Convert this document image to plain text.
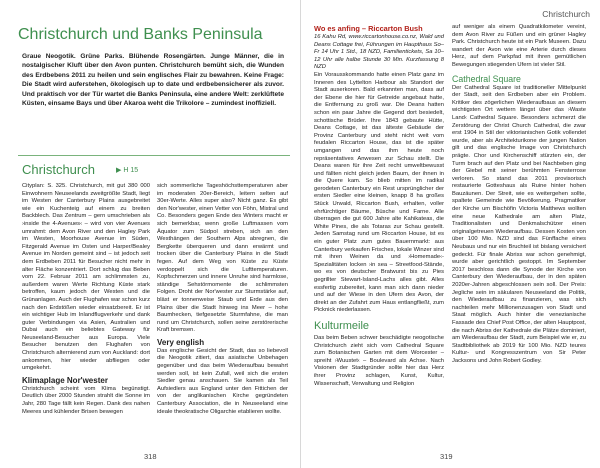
Christchurch
Christchurch und Banks Peninsula

Graue Neogotik. Grüne Parks. Blühende Rosengärten. Junge Männer, die in nostalgischer Kluft über den Avon punten. Christchurch bemüht sich, die Wunden des Erdbebens 2011 zu heilen und sein englisches Flair zu bewahren. Keine Frage: Die Stadt wird auferstehen, ökologisch up to date und erdbebensicherer als zuvor. Und praktisch vor der Tür wartet die Banks Peninsula, eine andere Welt: zerklüftete Küsten, einsame Bays und über Akaroa weht die Trikolore – zumindest inoffiziell.

Christchurch	▶ H 15

Cityplan: S. 325. Christchurch, mit gut 380 000 Einwohnern Neuseelands zweitgrößte Stadt, liegt im Westen der Canterbury Plains ausgebreitet wie ein Kuchenteig auf einem zu breiten Backblech. Das Zentrum – gern umschrieben als ›inside the 4-Avenues‹ – wird von vier Avenues umrahmt: dem Avon River und den Hagley Park im Westen, Moorhouse Avenue im Süden, Fitzgerald Avenue im Osten und Harper/Bealey Avenue im Norden gemeint sind – ist jedoch seit dem Erdbeben 2011 für Besucher nicht mehr in alter Fläche konzentriert. Dort schlug das Beben vom 22. Februar 2011 am schlimmsten zu, außerdem waren Werte Richtung Küste stark betroffen, kaum jedoch der Westen und die Grünanlagen. Auch der Flughafen war schon kurz nach den Erdstößen wieder einsatzbereit. Er ist ein wichtiger Hub im Inlandflugverkehr und dank guter Verbindungen via Asien, Australien und Dubai auch ein beliebtes Gateway für Neuseeland-Besucher aus Europa. Viele Besucher benutzen den Flughafen von Christchurch alternierend zum von Auckland: dort ankommen, hier wieder abfliegen oder umgekehrt.

Klimaplage Nor'wester

Christchurch scheint vom Klima begünstigt. Deutlich über 2000 Stunden strahlt die Sonne im Jahr, 280 Tage fällt kein Regen. Dank des nahen Meeres und kühlender Brisen bewegen

sich sommerliche Tageshöchsttemperaturen aber im moderaten 20er-Bereich, leitern selten auf 30er-Werte. Alles super also? Nicht ganz. Es gibt den Nor'wester, einen Vetter von Föhn, Mistral und Co. Besonders gegen Ende des Winters macht er sich bemerkbar, wenn große Luftmassen vom Äquator zum Südpol streben, sich an den Westhängen der Southern Alps abregnen, die Bergkette überqueren und dann erwärmt und trocken über die Canterbury Plains in die Stadt fegen. Auf dem Weg von Küste zu Küste verdoppelt sich die Lufttemperaturen. Kopfschmerzen und innere Unruhe sind harmlose, ständige Sehstörmomente die schlimmsten Folgen. Droht der Nor'wester zur Sturmstärke auf, bläst er tonnenweise Staub und Erde aus den Plains über die Stadt hinweg ins Meer – hohe Baumhecken, tiefgesetzte Sturmfahne, die man rund um Christchurch, sollen seine zerstörerische Kraft bremsen.

Very english

Das englische Gesicht der Stadt, das so liebevoll die Neogotik zitiert, das asiatische Unbehagen gegenüber und das beim Wiederaufbau bewahrt werden soll, ist kein Zufall, weil sich die ersten Siedler genau anschauen. Sie kamen als Teil Aufsiedlers aus England unter den Fittichen der von der anglikanischen Kirche gegründeten Canterbury Association, die in Neuseeland eine ideale theokratische Oligarchie etablieren wollte.

Wo es anfing – Riccarton Bush

16 Kahu Rd, www.riccartonhouse.co.nz, Wald und Deans Cottage frei, Führungen im Haupthaus So–Fr 14 Uhr 1 Std., 18 NZD, Familientickets, Sa 10–12 Uhr alle halbe Stunde 30 Min. Kurzfassung 8 NZD

Ein Vorausskommando hatte einen Platz ganz im Inneren des Lyttelton Harbour als Standort der Stadt auserkoren. Bald erkannten man, dass auf der Ebene die hier für Getreide angebaut hatte, die Entfernung zu groß war. Die Deans hatten schon ein paar Jahre die Gegend dort besiedelt, schottische Brüder. Ihre 1843 gebaute Hütte, Deans Cottage, ist das älteste Gebäude der Provinz Canterbury und steht nicht weit vom feudalen Riccarton House, das ist die später umgangen und das ihm heute noch repräsentatives Anwesen zur Schau stellt. Die Deans waren für ihre Zeit recht umweltbewusst und fällten nicht gleich jeden Baum, der ihnen in die Quere kam. So blieb mitten im radikal gerodeten Canterbury ein Rest ursprünglicher der ersten Siedler eine kleinen, knapp 8 ha großes Stück Urwald, Riccarton Bush, erhalten, voller ehrfürchtiger Bäume, Büsche und Farne. Alle überragen die gut 600 Jahre alte Kahikateas, die White Pines, die als Totaras zur Schau gestellt. Jeden Samstag rund um Riccarton House, ist es ein guter Platz zum gutes Bauernmarkt: aus Canterbury verkaufen Frisches, lokale Winzer sind mit ihren Weinen da und ›Homemade‹-Spezialitäten locken ›in sea – Streetfood-Stände, wo es von deutscher Bratwurst bis zu Pies gegrillter Stewart-Island-Lachs alles gibt. Alles essfertig zubereitet, kann man sich dann nieder und auf der Wiese in den Ufern des Avon, der direkt an der Zufahrt zum Haus entlangfließt, zum Picknick niederlassen.

Kulturmeile

Das beim Beben schwer beschädigte neogotische Christchurch zieht sich vom Cathedral Square zum Botanischen Garten mit dem Worcester – spreiht ›Wuustet‹ – Boulevard als Achse. Nach Visionen der Stadtgründer sollte hier das Herz ihrer Provinz schlagen, Kunst, Kultur, Wissenschaft, Verwaltung und Religion

auf weniger als einem Quadratkilometer vereint, dem Avon River zu Füßen und ein grüner Hagley Park. Christchurch heute ist ein Park Museen. Dazu wandert der Avon wie eine Arterie durch dieses Herz, auf dem Parkpfad mit ihren gemütlichen Bewegungen stiegenden Ufern ist vieler Stil.

Cathedral Square

Der Cathedral Square ist traditioneller Mittelpunkt der Stadt, seit den Erdbeben aber ein Problem. Kritiker des zögerlichen Wiederaufbaus an diesem wichtigsten Ort wettern längst über das ›Waste Land‹ Cathedral Square. Besonders schmerzt die Zerstörung der Christ Church Cathedral, die zwar erst 1904 in Stil der viktorianischen Gotik vollendet wurde, aber als Architekturikone der jungen Nation gilt und das englische Image von Christchurch prägte. Chor und Kirchenschiff stürzten ein, der Turm brach auf den Platz und bei Nachbeben ging der Giebel mit seiner berühmten Fensterrose verloren. So stand das 2011 provisorisch restaurierte Gotteshaus als Ruine hinter hohen Bauzäunen. Der Streit, wie es weitergehen sollte, spaltete Gemeinde wie Bevölkerung. Pragmatiker der Kirche um Bischöfin Victoria Matthews wollten eine neue Kathedrale am alten Platz, Traditionalisten und Denkmalschützer einen originalgetreuen Wiederaufbau. Dessen Kosten von über 100 Mio. NZD sind das Fünffache eines Neubaus und nur ein Bruchteil ist bislang versichert gedeckt. Für finale Abriss war schon genehmigt, wurde aber gerichtlich gestoppt. Im September 2017 beschloss dann die Synode der Kirche von Canterbury den Wiederaufbau, der in den späten 2020er-Jahren abgeschlossen sein soll. Der Preis: Jegliche sein im säkularen Neuseeland die Politik, den Wiederaufbau zu finanzieren, was sich nachteilen mehr Millionenzusagen von Stadt und Staat möglich. Auch hinter die venezianische Fassade des Chief Post Office, der alten Hauptpost, die nach Abriss der Kathedrale die Plätze dominiert, am Wiederaufbau der Stadt, zum Beispiel wie er, zu Stadtbibliothek ab 2019 für 100 Mio. NZD teures Kultur- und Kongresszentrum von Sir Peter Jacksons und John Robert Godley.

318	319
